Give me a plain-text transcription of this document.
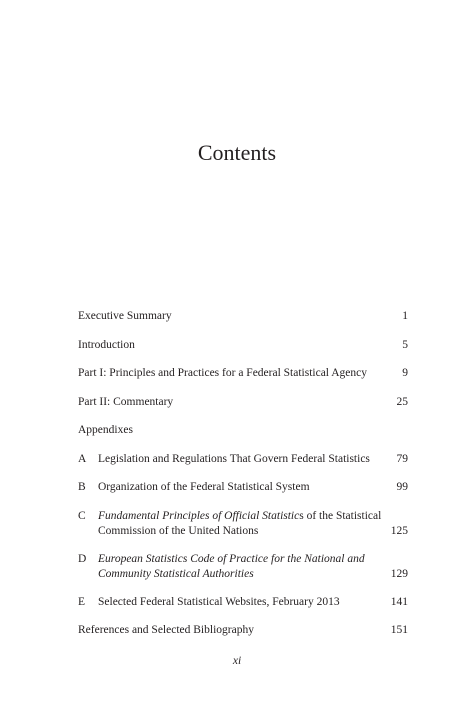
Contents
Executive Summary	1
Introduction	5
Part I: Principles and Practices for a Federal Statistical Agency	9
Part II: Commentary	25
Appendixes
A Legislation and Regulations That Govern Federal Statistics 79
B Organization of the Federal Statistical System	99
C Fundamental Principles of Official Statistics of the Statistical
Commission of the United Nations	125
D European Statistics Code of Practice for the National and
Community Statistical Authorities	129
E Selected Federal Statistical Websites, February 2013	141
References and Selected Bibliography	151
xi
